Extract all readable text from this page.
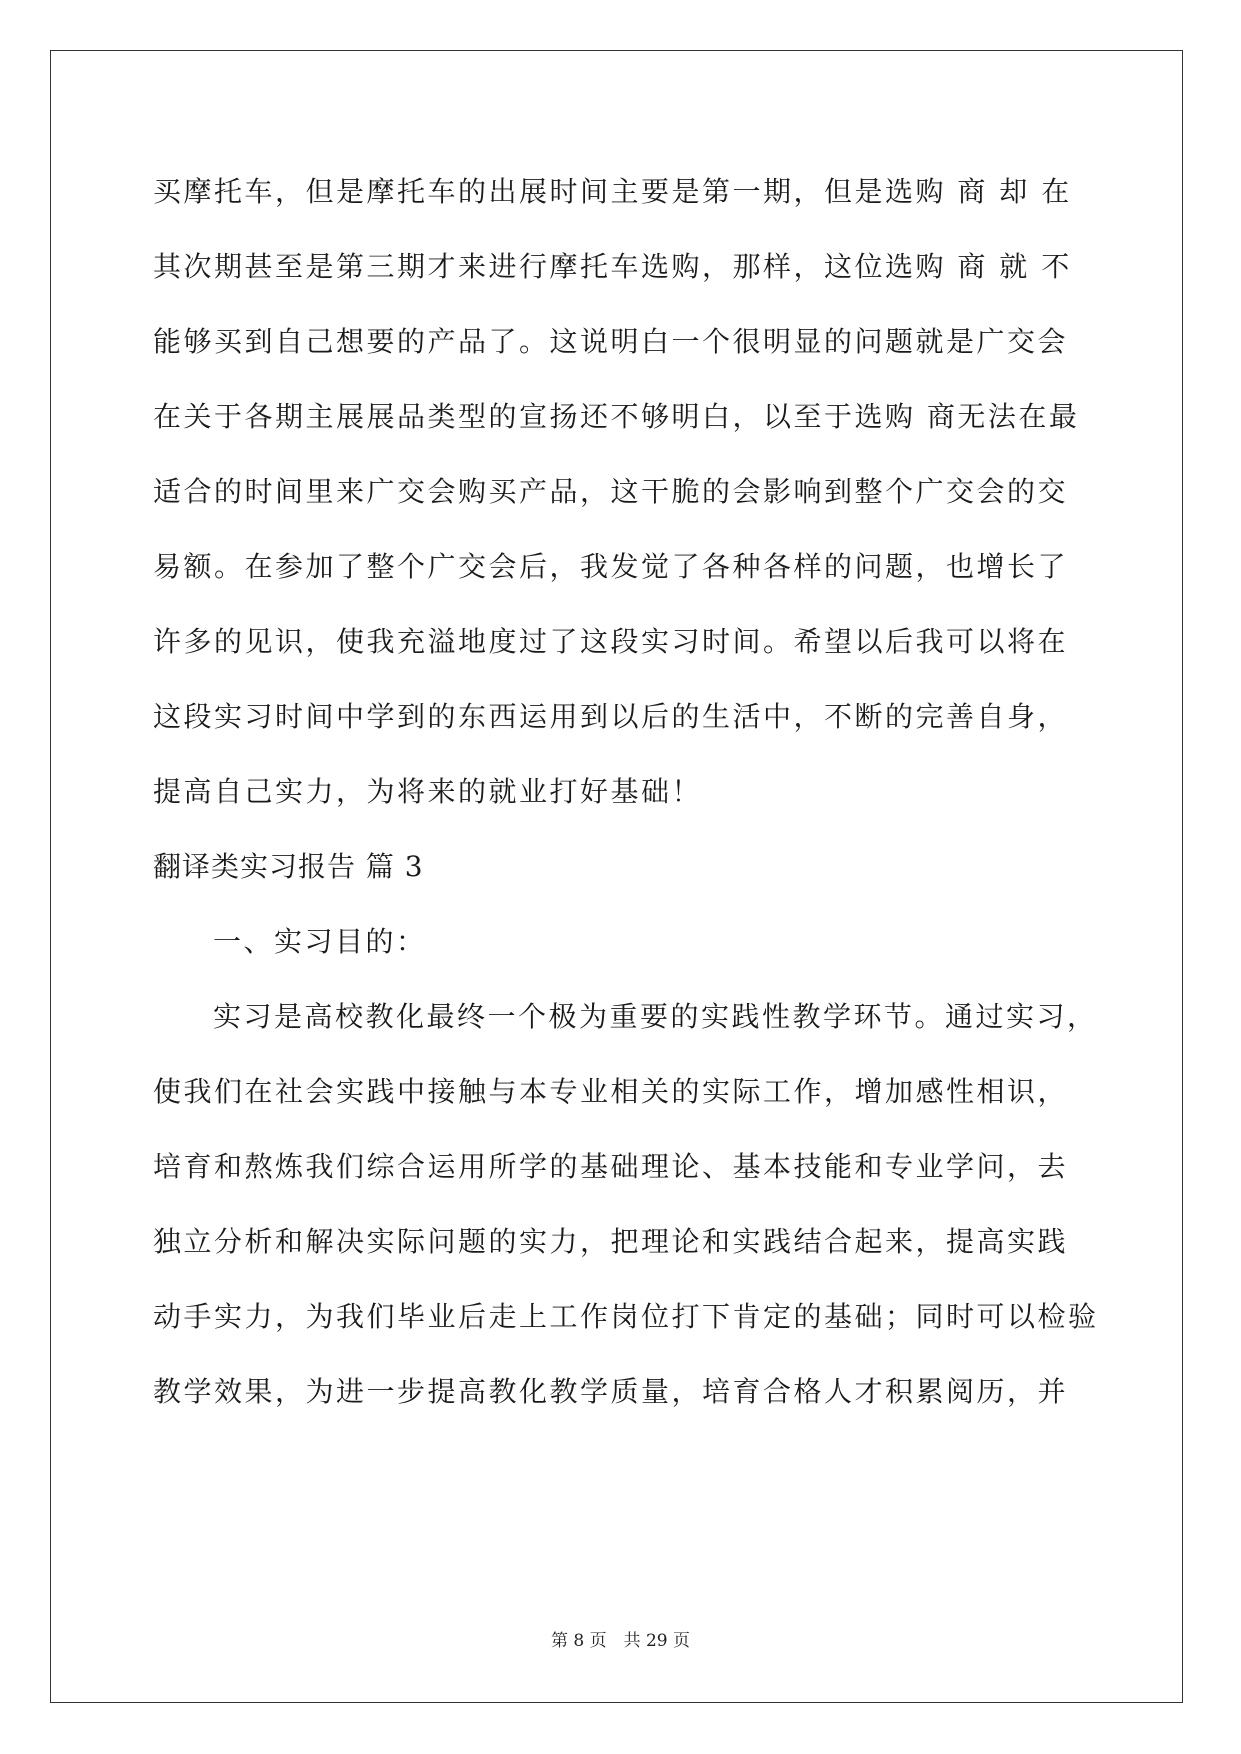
买摩托车，但是摩托车的出展时间主要是第一期，但是选购 商 却 在
其次期甚至是第三期才来进行摩托车选购，那样，这位选购 商 就 不
能够买到自己想要的产品了。这说明白一个很明显的问题就是广交会
在关于各期主展展品类型的宣扬还不够明白，以至于选购 商无法在最
适合的时间里来广交会购买产品，这干脆的会影响到整个广交会的交
易额。在参加了整个广交会后，我发觉了各种各样的问题，也增长了
许多的见识，使我充溢地度过了这段实习时间。希望以后我可以将在
这段实习时间中学到的东西运用到以后的生活中，不断的完善自身，
提高自己实力，为将来的就业打好基础！
翻译类实习报告 篇 3
一、实习目的：
实习是高校教化最终一个极为重要的实践性教学环节。通过实习，
使我们在社会实践中接触与本专业相关的实际工作，增加感性相识，
培育和熬炼我们综合运用所学的基础理论、基本技能和专业学问，去
独立分析和解决实际问题的实力，把理论和实践结合起来，提高实践
动手实力，为我们毕业后走上工作岗位打下肯定的基础；同时可以检验
教学效果，为进一步提高教化教学质量，培育合格人才积累阅历，并
第 8 页　共 29 页
